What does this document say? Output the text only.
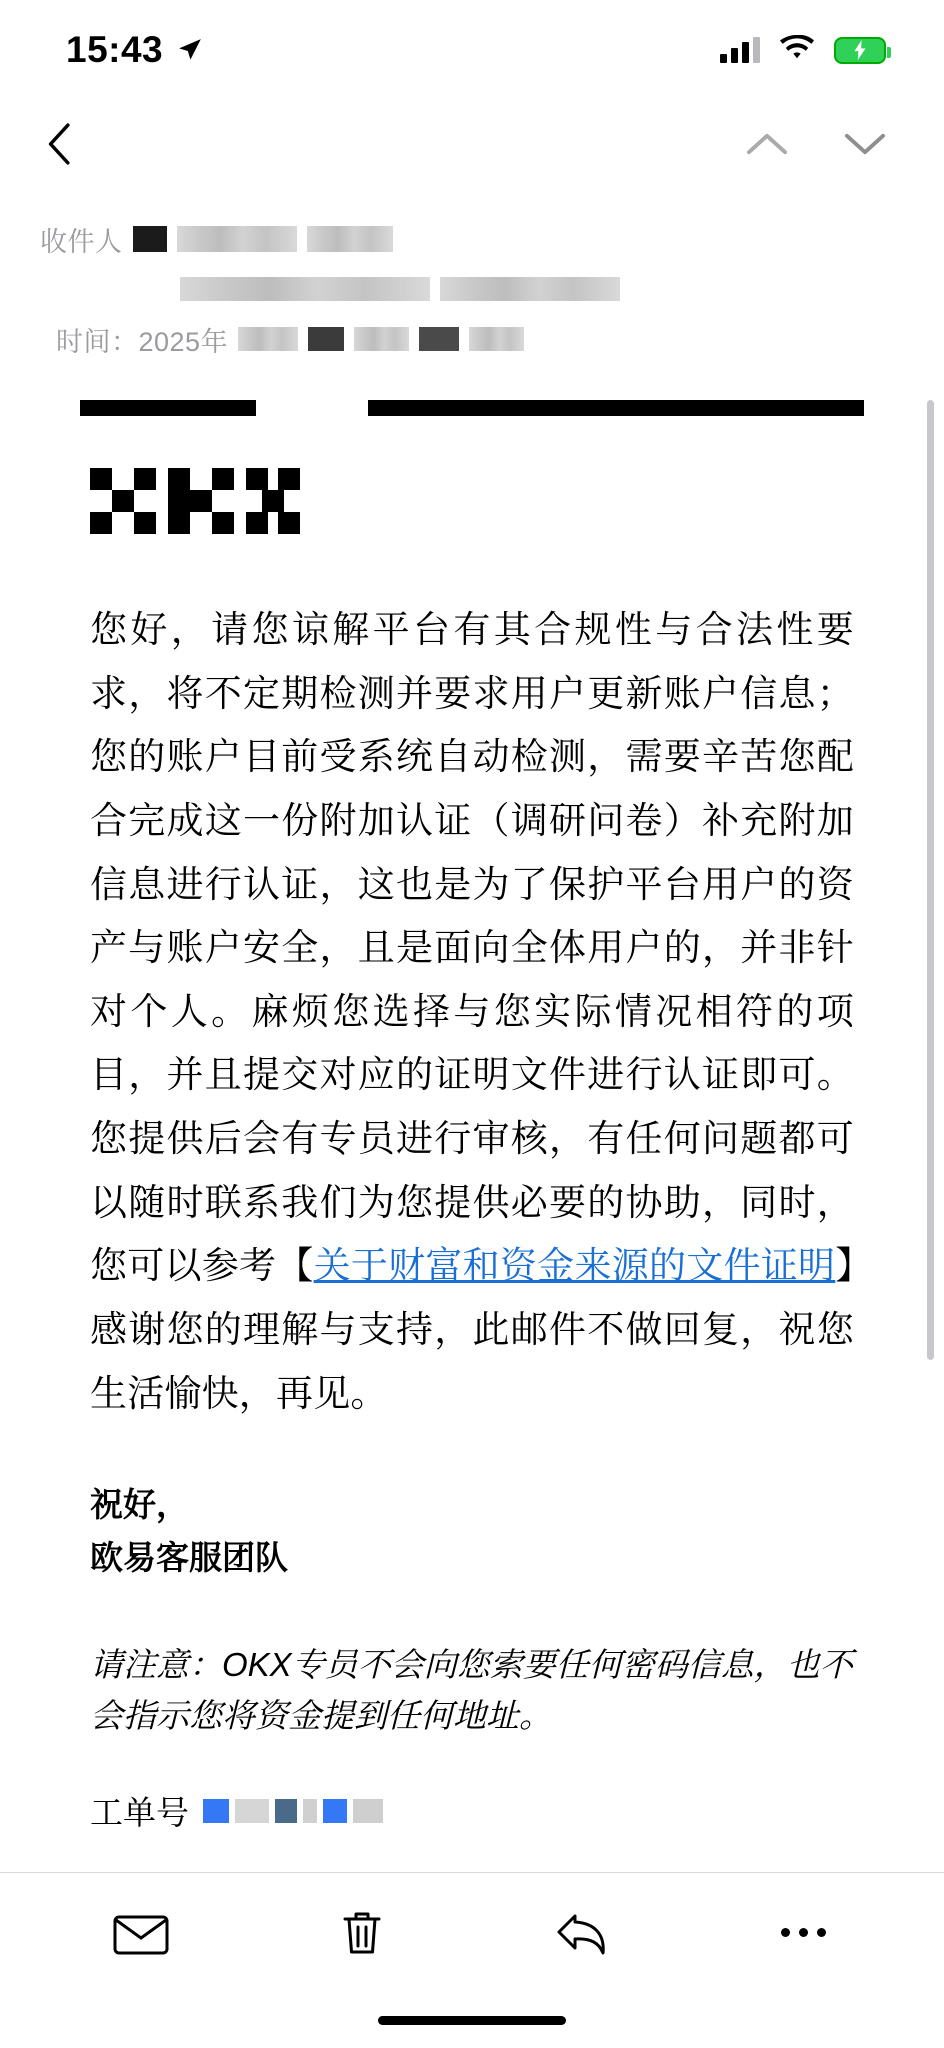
15:43
收件人
时间：2025年

您好，请您谅解平台有其合规性与合法性要求，将不定期检测并要求用户更新账户信息；您的账户目前受系统自动检测，需要辛苦您配合完成这一份附加认证（调研问卷）补充附加信息进行认证，这也是为了保护平台用户的资产与账户安全，且是面向全体用户的，并非针对个人。麻烦您选择与您实际情况相符的项目，并且提交对应的证明文件进行认证即可。您提供后会有专员进行审核，有任何问题都可以随时联系我们为您提供必要的协助，同时，您可以参考【关于财富和资金来源的文件证明】感谢您的理解与支持，此邮件不做回复，祝您生活愉快，再见。

祝好，
欧易客服团队

请注意：OKX专员不会向您索要任何密码信息，也不会指示您将资金提到任何地址。

工单号
